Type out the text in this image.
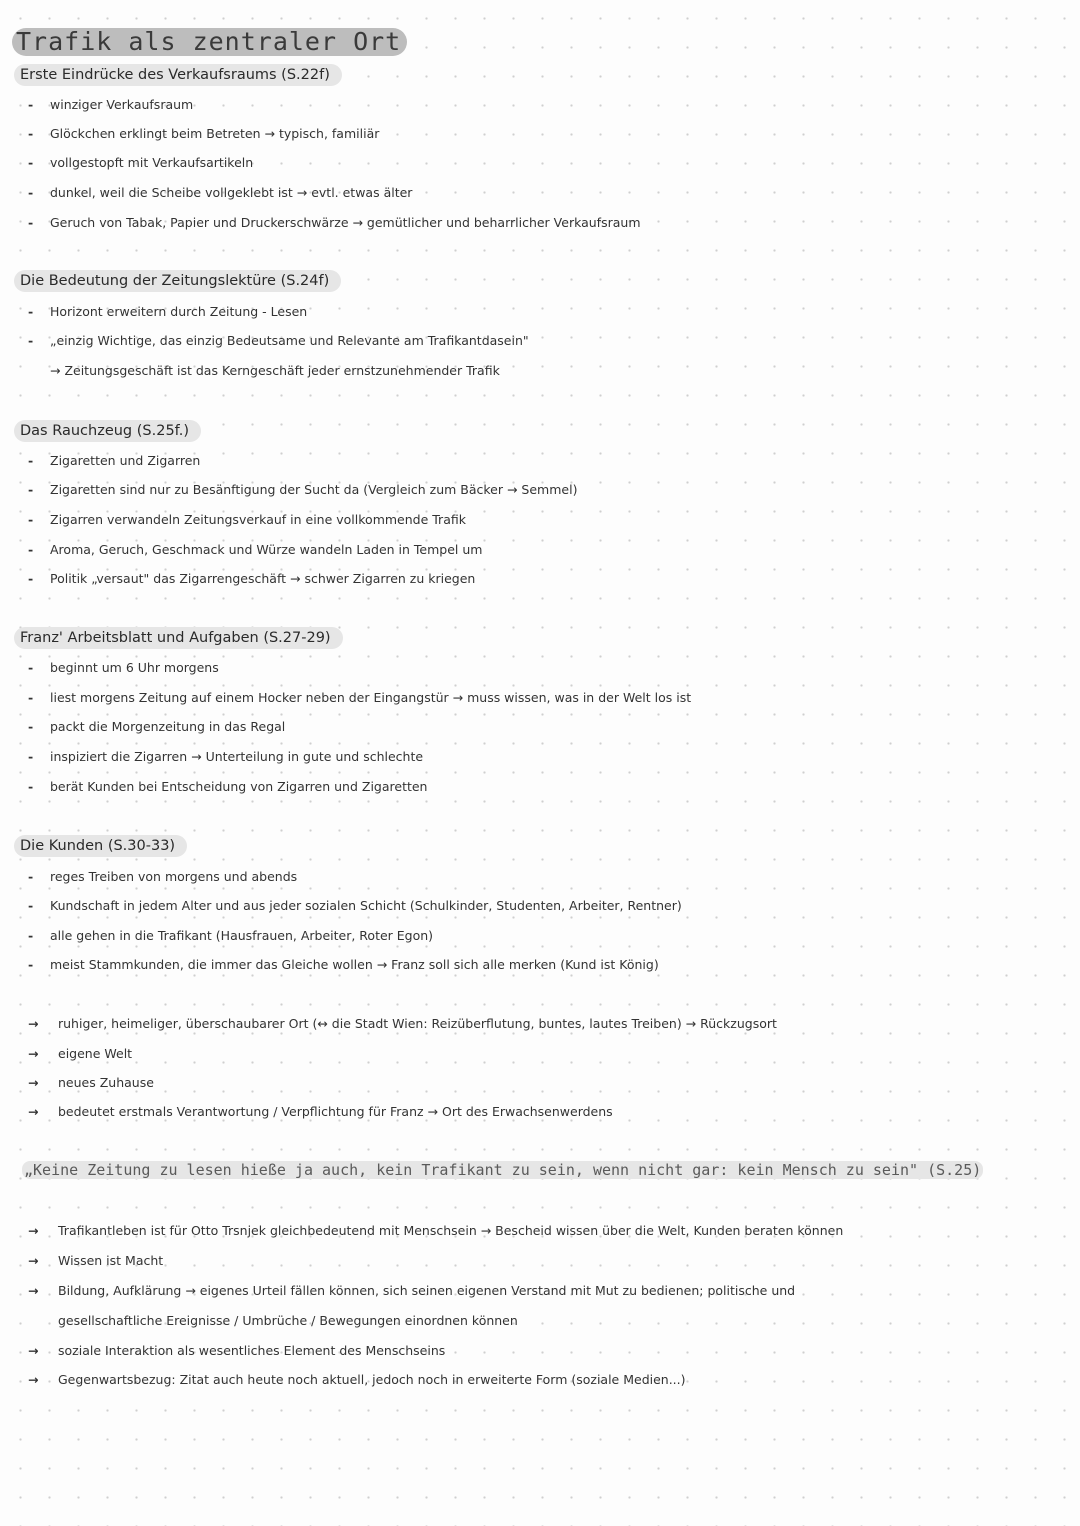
Trafik als zentraler Ort
Erste Eindrücke des Verkaufsraums (S.22f)
- winziger Verkaufsraum
- Glöckchen erklingt beim Betreten → typisch, familiär
- vollgestopft mit Verkaufsartikeln
- dunkel, weil die Scheibe vollgeklebt ist → evtl. etwas älter
- Geruch von Tabak, Papier und Druckerschwärze → gemütlicher und beharrlicher Verkaufsraum
Die Bedeutung der Zeitungslektüre (S.24f)
- Horizont erweitern durch Zeitung - Lesen
- „einzig Wichtige, das einzig Bedeutsame und Relevante am Trafikantdasein"
→ Zeitungsgeschäft ist das Kerngeschäft jeder ernstzunehmender Trafik
Das Rauchzeug (S.25f.)
- Zigaretten und Zigarren
- Zigaretten sind nur zu Besänftigung der Sucht da (Vergleich zum Bäcker → Semmel)
- Zigarren verwandeln Zeitungsverkauf in eine vollkommende Trafik
- Aroma, Geruch, Geschmack und Würze wandeln Laden in Tempel um
- Politik „versaut" das Zigarrengeschäft → schwer Zigarren zu kriegen
Franz' Arbeitsblatt und Aufgaben (S.27-29)
- beginnt um 6 Uhr morgens
- liest morgens Zeitung auf einem Hocker neben der Eingangstür → muss wissen, was in der Welt los ist
- packt die Morgenzeitung in das Regal
- inspiziert die Zigarren → Unterteilung in gute und schlechte
- berät Kunden bei Entscheidung von Zigarren und Zigaretten
Die Kunden (S.30-33)
- reges Treiben von morgens und abends
- Kundschaft in jedem Alter und aus jeder sozialen Schicht (Schulkinder, Studenten, Arbeiter, Rentner)
- alle gehen in die Trafikant (Hausfrauen, Arbeiter, Roter Egon)
- meist Stammkunden, die immer das Gleiche wollen → Franz soll sich alle merken (Kund ist König)
→ ruhiger, heimeliger, überschaubarer Ort (↔ die Stadt Wien: Reizüberflutung, buntes, lautes Treiben) → Rückzugsort
→ eigene Welt
→ neues Zuhause
→ bedeutet erstmals Verantwortung / Verpflichtung für Franz → Ort des Erwachsenwerdens
„Keine Zeitung zu lesen hieße ja auch, kein Trafikant zu sein, wenn nicht gar: kein Mensch zu sein" (S.25)
→ Trafikantleben ist für Otto Trsnjek gleichbedeutend mit Menschsein → Bescheid wissen über die Welt, Kunden beraten können
→ Wissen ist Macht
→ Bildung, Aufklärung → eigenes Urteil fällen können, sich seinen eigenen Verstand mit Mut zu bedienen; politische und
gesellschaftliche Ereignisse / Umbrüche / Bewegungen einordnen können
→ soziale Interaktion als wesentliches Element des Menschseins
→ Gegenwartsbezug: Zitat auch heute noch aktuell, jedoch noch in erweiterte Form (soziale Medien...)
